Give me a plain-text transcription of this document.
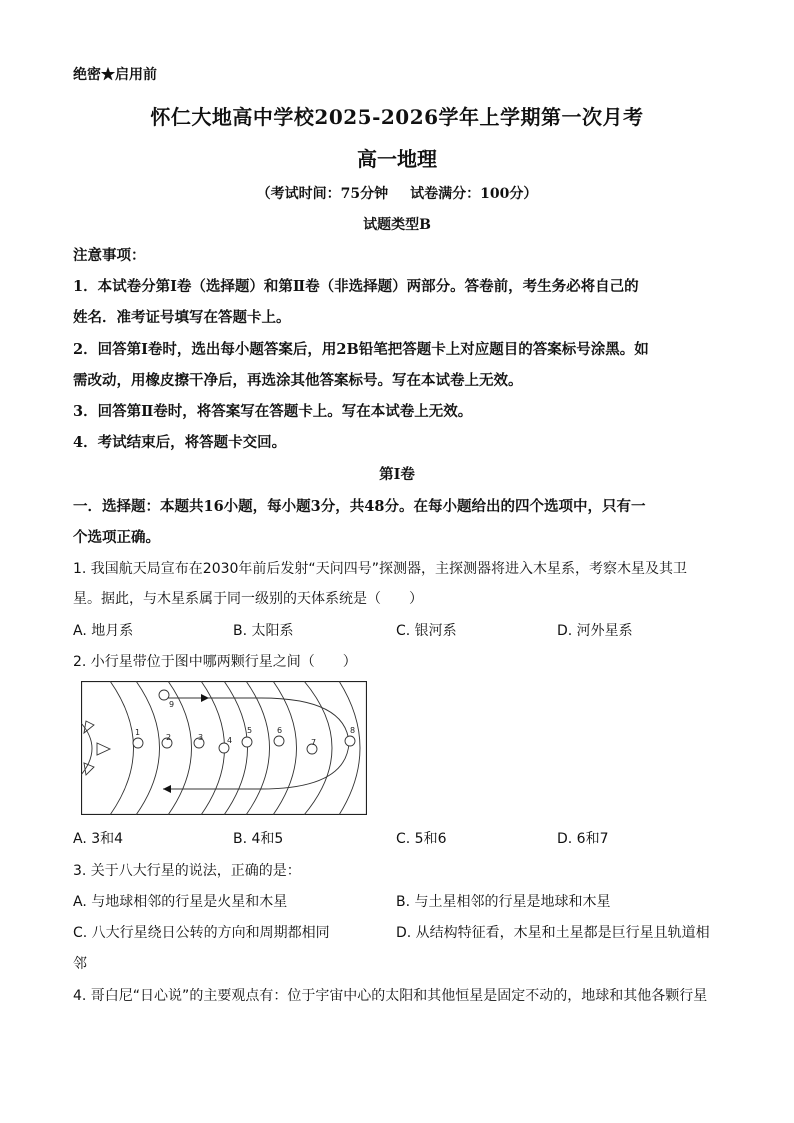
绝密★启用前
怀仁大地高中学校2025-2026学年上学期第一次月考
高一地理
（考试时间：75分钟 试卷满分：100分）
试题类型B
注意事项：
1．本试卷分第Ⅰ卷（选择题）和第Ⅱ卷（非选择题）两部分。答卷前，考生务必将自己的
姓名．准考证号填写在答题卡上。
2．回答第Ⅰ卷时，选出每小题答案后，用2B铅笔把答题卡上对应题目的答案标号涂黑。如
需改动，用橡皮擦干净后，再选涂其他答案标号。写在本试卷上无效。
3．回答第Ⅱ卷时，将答案写在答题卡上。写在本试卷上无效。
4．考试结束后，将答题卡交回。
第Ⅰ卷
一．选择题：本题共16小题，每小题3分，共48分。在每小题给出的四个选项中，只有一
个选项正确。
1. 我国航天局宣布在2030年前后发射“天问四号”探测器，主探测器将进入木星系，考察木星及其卫
星。据此，与木星系属于同一级别的天体系统是（　　）
A. 地月系	B. 太阳系	C. 银河系	D. 河外星系
2. 小行星带位于图中哪两颗行星之间（　　）
1
2	3	4
5	6
7
8
9
A. 3和4	B. 4和5	C. 5和6	D. 6和7
3. 关于八大行星的说法，正确的是：
A. 与地球相邻的行星是火星和木星	B. 与土星相邻的行星是地球和木星
C. 八大行星绕日公转的方向和周期都相同	D. 从结构特征看，木星和土星都是巨行星且轨道相
邻
4. 哥白尼“日心说”的主要观点有：位于宇宙中心的太阳和其他恒星是固定不动的，地球和其他各颗行星
